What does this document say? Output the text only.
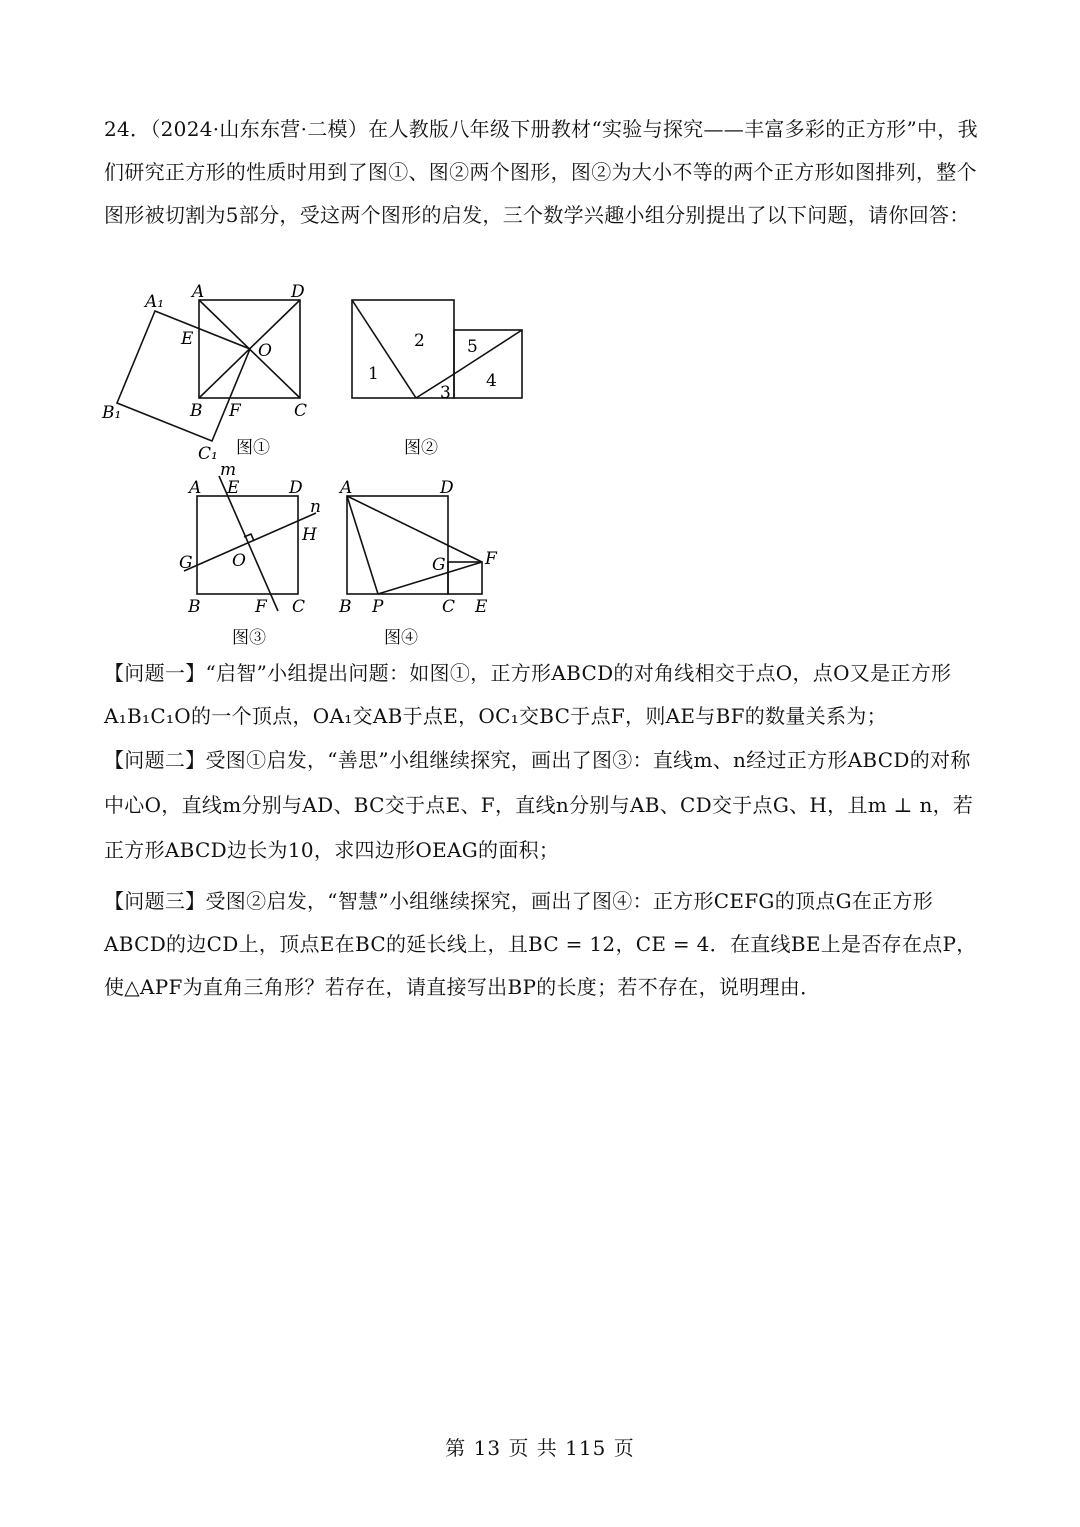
24．（2024·山东东营·二模）在人教版八年级下册教材“实验与探究——丰富多彩的正方形”中，我们研究正方形的性质时用到了图①、图②两个图形，图②为大小不等的两个正方形如图排列，整个图形被切割为5部分，受这两个图形的启发，三个数学兴趣小组分别提出了以下问题，请你回答：

A₁ A	D
E
O
B₁	B F	C
C₁ 图①
1
2
3
4
5
图②
m
A E	D
n
H
G O
B	F C
图③
A	D
G F
B P	C E
图④

【问题一】“启智”小组提出问题：如图①，正方形ABCD的对角线相交于点O，点O又是正方形A₁B₁C₁O的一个顶点，OA₁交AB于点E，OC₁交BC于点F，则AE与BF的数量关系为；

【问题二】受图①启发，“善思”小组继续探究，画出了图③：直线m、n经过正方形ABCD的对称中心O，直线m分别与AD、BC交于点E、F，直线n分别与AB、CD交于点G、H，且m ⊥ n，若正方形ABCD边长为10，求四边形OEAG的面积；

【问题三】受图②启发，“智慧”小组继续探究，画出了图④：正方形CEFG的顶点G在正方形ABCD的边CD上，顶点E在BC的延长线上，且BC = 12，CE = 4．在直线BE上是否存在点P，使△APF为直角三角形？若存在，请直接写出BP的长度；若不存在，说明理由．

第 13 页 共 115 页
